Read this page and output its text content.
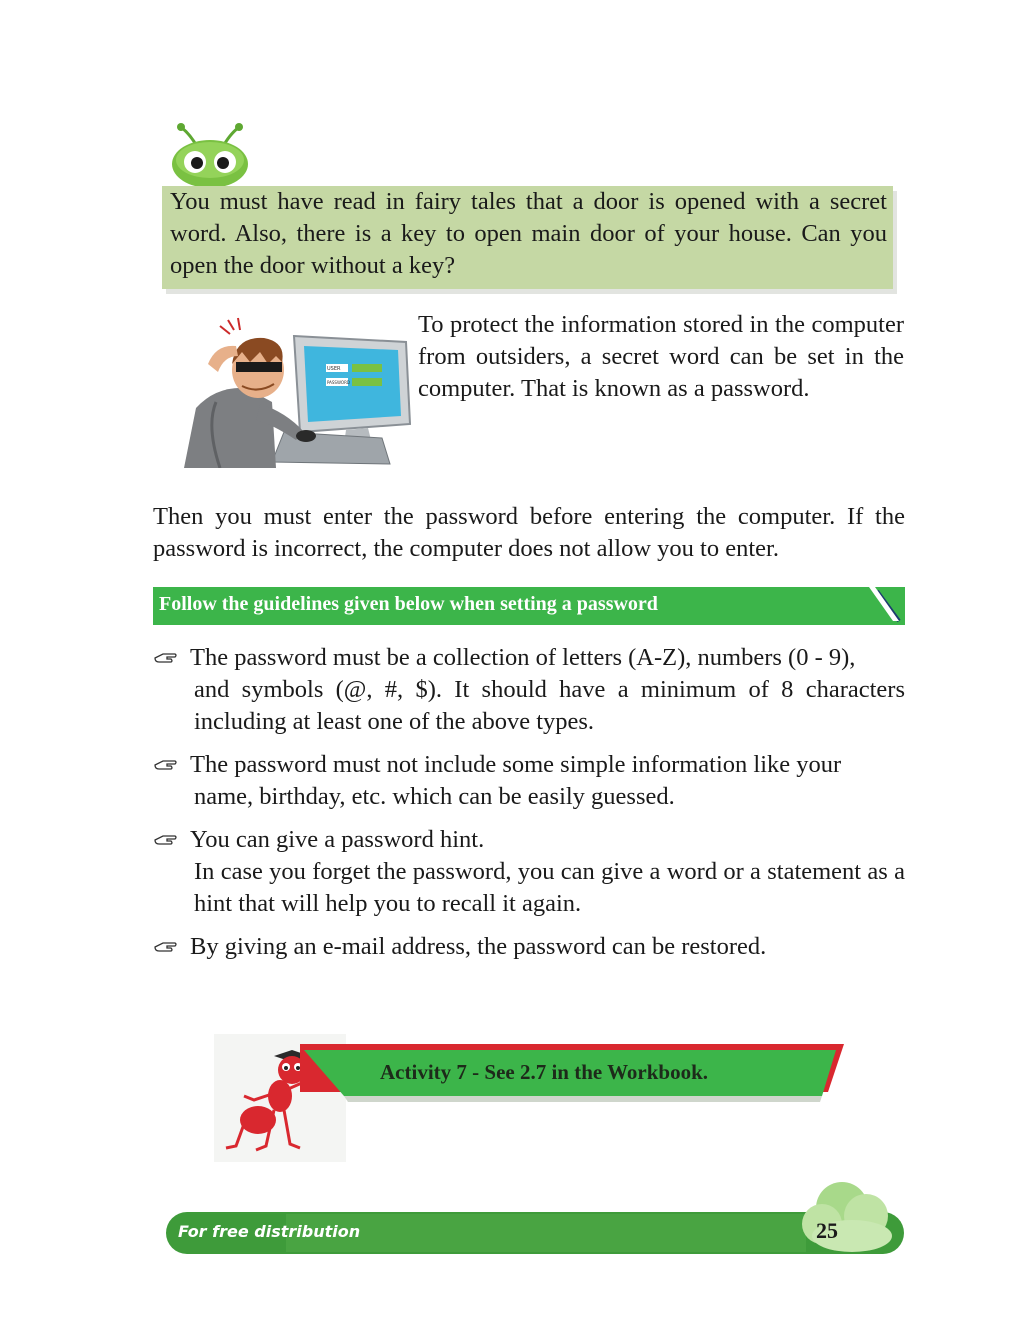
You must have read in fairy tales that a door is opened with a secret word. Also, there is a key to open main door of your house. Can you open the door without a key?
USER
PASSWORD
To protect the information stored in the computer from outsiders, a secret word can be set in the computer. That is known as a password.
Then you must enter the password before entering the computer. If the password is incorrect, the computer does not allow you to enter.
Follow the guidelines given below when setting a password
The password must be a collection of letters (A-Z), numbers (0 - 9),
and symbols (@, #, $). It should have a minimum of 8 characters including at least one of the above types.
The password must not include some simple information like your
name, birthday, etc. which can be easily guessed.
You can give a password hint.
In case you forget the password, you can give a word or a statement as a hint that will help you to recall it again.
By giving an e-mail address, the password can be restored.
Activity 7 - See 2.7 in the Workbook.
For free distribution	25
